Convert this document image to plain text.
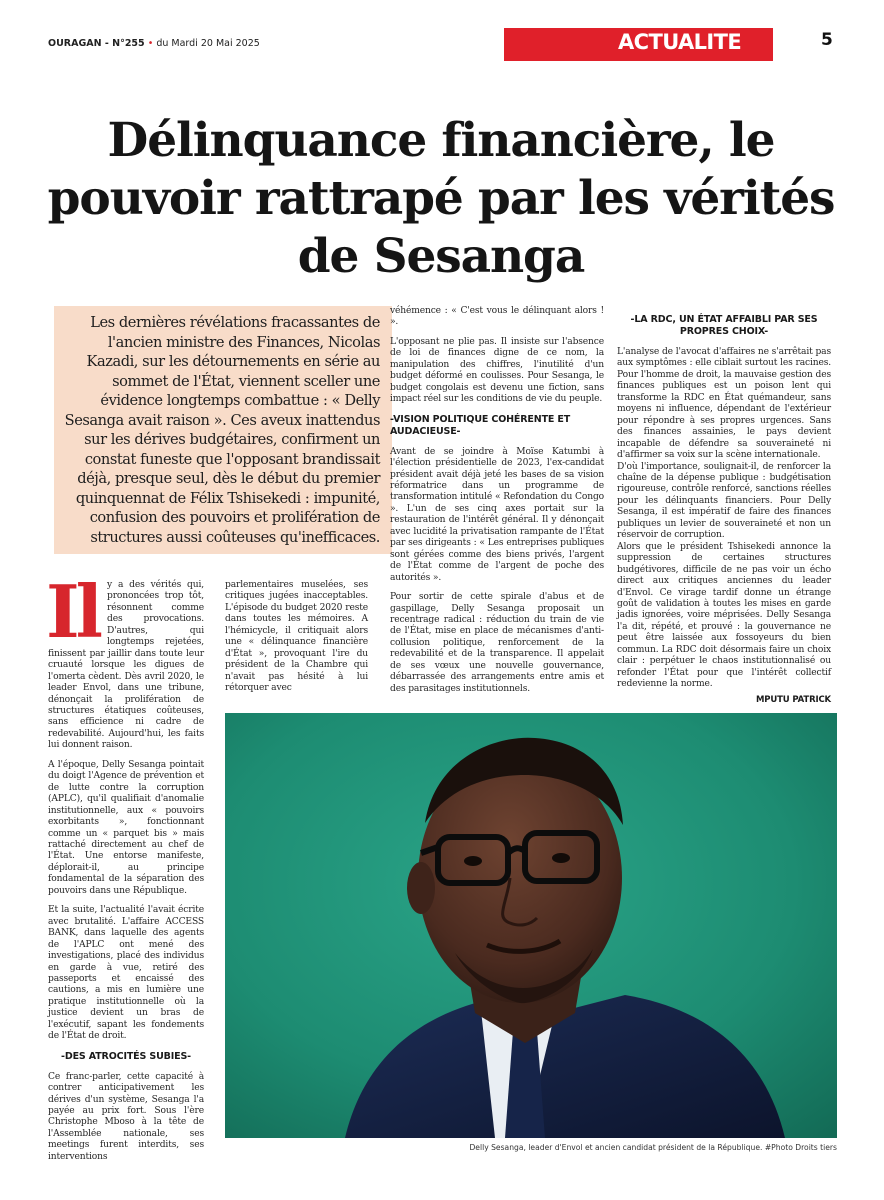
OURAGAN - N°255 • du Mardi 20 Mai 2025	ACTUALITE	5
Délinquance financière, le
pouvoir rattrapé par les vérités
de Sesanga
Les dernières révélations fracassantes de l'ancien ministre des Finances, Nicolas Kazadi, sur les détournements en série au sommet de l'État, viennent sceller une évidence longtemps combattue : « Delly Sesanga avait raison ». Ces aveux inattendus sur les dérives budgétaires, confirment un constat funeste que l'opposant brandissait déjà, presque seul, dès le début du premier quinquennat de Félix Tshisekedi : impunité, confusion des pouvoirs et prolifération de structures aussi coûteuses qu'inefficaces.

Il y a des vérités qui, prononcées trop tôt, résonnent comme des provocations. D'autres, qui longtemps rejetées, finissent par jaillir dans toute leur cruauté lorsque les digues de l'omerta cèdent. Dès avril 2020, le leader Envol, dans une tribune, dénonçait la prolifération de structures étatiques coûteuses, sans efficience ni cadre de redevabilité. Aujourd'hui, les faits lui donnent raison.

A l'époque, Delly Sesanga pointait du doigt l'Agence de prévention et de lutte contre la corruption (APLC), qu'il qualifiait d'anomalie institutionnelle, aux « pouvoirs exorbitants », fonctionnant comme un « parquet bis » mais rattaché directement au chef de l'État. Une entorse manifeste, déplorait-il, au principe fondamental de la séparation des pouvoirs dans une République.

Et la suite, l'actualité l'avait écrite avec brutalité. L'affaire ACCESS BANK, dans laquelle des agents de l'APLC ont mené des investigations, placé des individus en garde à vue, retiré des passeports et encaissé des cautions, a mis en lumière une pratique institutionnelle où la justice devient un bras de l'exécutif, sapant les fondements de l'État de droit.

-DES ATROCITÉS SUBIES-

Ce franc-parler, cette capacité à contrer anticipativement les dérives d'un système, Sesanga l'a payée au prix fort. Sous l'ère Christophe Mboso à la tête de l'Assemblée nationale, ses meetings furent interdits, ses interventions

parlementaires muselées, ses critiques jugées inacceptables. L'épisode du budget 2020 reste dans toutes les mémoires. A l'hémicycle, il critiquait alors une « délinquance financière d'État », provoquant l'ire du président de la Chambre qui n'avait pas hésité à lui rétorquer avec

véhémence : « C'est vous le délinquant alors ! ».

L'opposant ne plie pas. Il insiste sur l'absence de loi de finances digne de ce nom, la manipulation des chiffres, l'inutilité d'un budget déformé en coulisses. Pour Sesanga, le budget congolais est devenu une fiction, sans impact réel sur les conditions de vie du peuple.

-VISION POLITIQUE COHÉRENTE ET AUDACIEUSE-

Avant de se joindre à Moïse Katumbi à l'élection présidentielle de 2023, l'ex-candidat président avait déjà jeté les bases de sa vision réformatrice dans un programme de transformation intitulé « Refondation du Congo ». L'un de ses cinq axes portait sur la restauration de l'intérêt général. Il y dénonçait avec lucidité la privatisation rampante de l'État par ses dirigeants : « Les entreprises publiques sont gérées comme des biens privés, l'argent de l'État comme de l'argent de poche des autorités ».

Pour sortir de cette spirale d'abus et de gaspillage, Delly Sesanga proposait un recentrage radical : réduction du train de vie de l'État, mise en place de mécanismes d'anti-collusion politique, renforcement de la redevabilité et de la transparence. Il appelait de ses vœux une nouvelle gouvernance, débarrassée des arrangements entre amis et des parasitages institutionnels.

-LA RDC, UN ÉTAT AFFAIBLI PAR SES PROPRES CHOIX-

L'analyse de l'avocat d'affaires ne s'arrêtait pas aux symptômes : elle ciblait surtout les racines. Pour l'homme de droit, la mauvaise gestion des finances publiques est un poison lent qui transforme la RDC en État quémandeur, sans moyens ni influence, dépendant de l'extérieur pour répondre à ses propres urgences. Sans des finances assainies, le pays devient incapable de défendre sa souveraineté ni d'affirmer sa voix sur la scène internationale.

D'où l'importance, soulignait-il, de renforcer la chaîne de la dépense publique : budgétisation rigoureuse, contrôle renforcé, sanctions réelles pour les délinquants financiers. Pour Delly Sesanga, il est impératif de faire des finances publiques un levier de souveraineté et non un réservoir de corruption.

Alors que le président Tshisekedi annonce la suppression de certaines structures budgétivores, difficile de ne pas voir un écho direct aux critiques anciennes du leader d'Envol. Ce virage tardif donne un étrange goût de validation à toutes les mises en garde jadis ignorées, voire méprisées. Delly Sesanga l'a dit, répété, et prouvé : la gouvernance ne peut être laissée aux fossoyeurs du bien commun. La RDC doit désormais faire un choix clair : perpétuer le chaos institutionnalisé ou refonder l'État pour que l'intérêt collectif redevienne la norme.

MPUTU PATRICK
Delly Sesanga, leader d'Envol et ancien candidat président de la République. #Photo Droits tiers
